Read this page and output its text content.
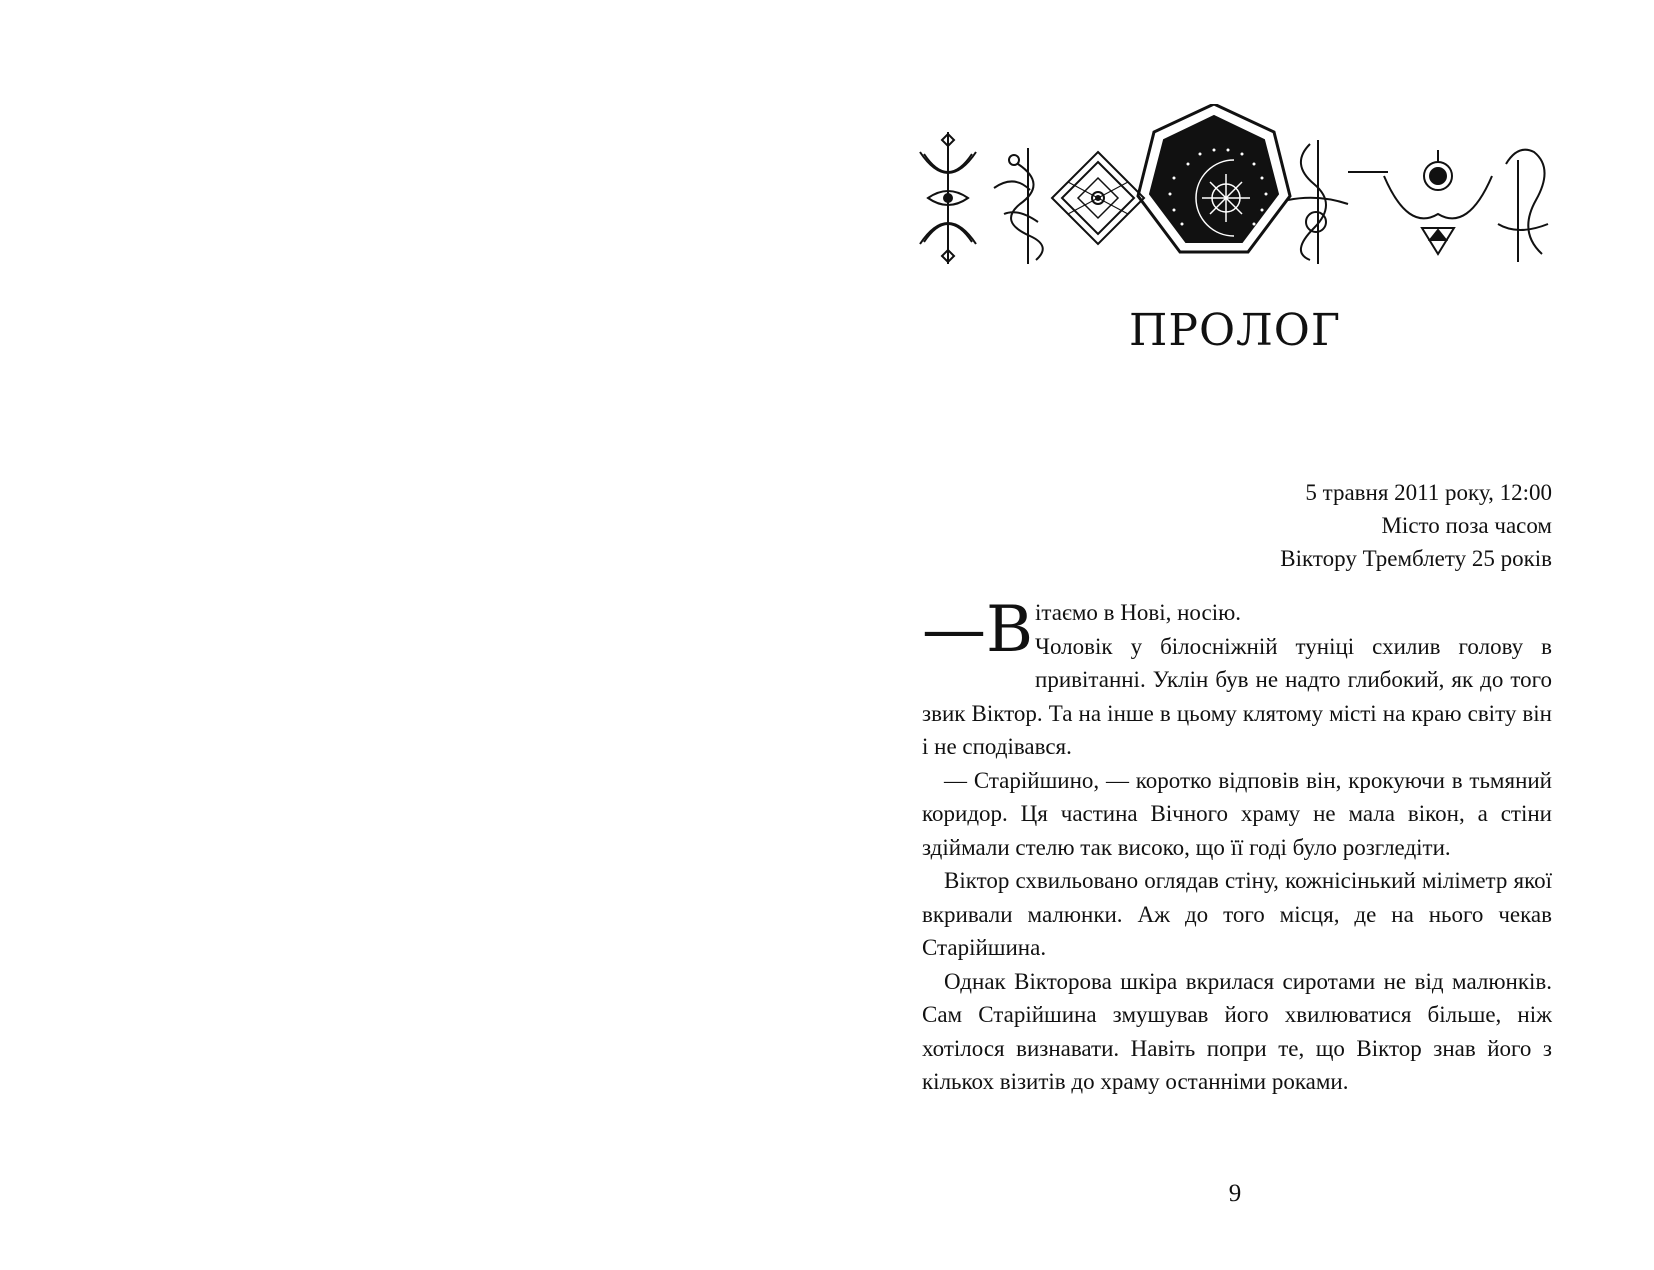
ПРОЛОГ
5 травня 2011 року, 12:00
Місто поза часом
Віктору Тремблету 25 років

—В ітаємо в Нові, носію.
Чоловік у білосніжній туніці схилив голову в привітанні. Уклін був не надто глибокий, як до того звик Віктор. Та на інше в цьому клятому місті на краю світу він і не сподівався.

— Старійшино, — коротко відповів він, крокуючи в тьмяний коридор. Ця частина Вічного храму не мала вікон, а стіни здіймали стелю так високо, що її годі було розгледіти.

Віктор схвильовано оглядав стіну, кожнісінький міліметр якої вкривали малюнки. Аж до того місця, де на нього чекав Старійшина.

Однак Вікторова шкіра вкрилася сиротами не від малюнків. Сам Старійшина змушував його хвилюватися більше, ніж хотілося визнавати. Навіть попри те, що Віктор знав його з кількох візитів до храму останніми роками.

9
